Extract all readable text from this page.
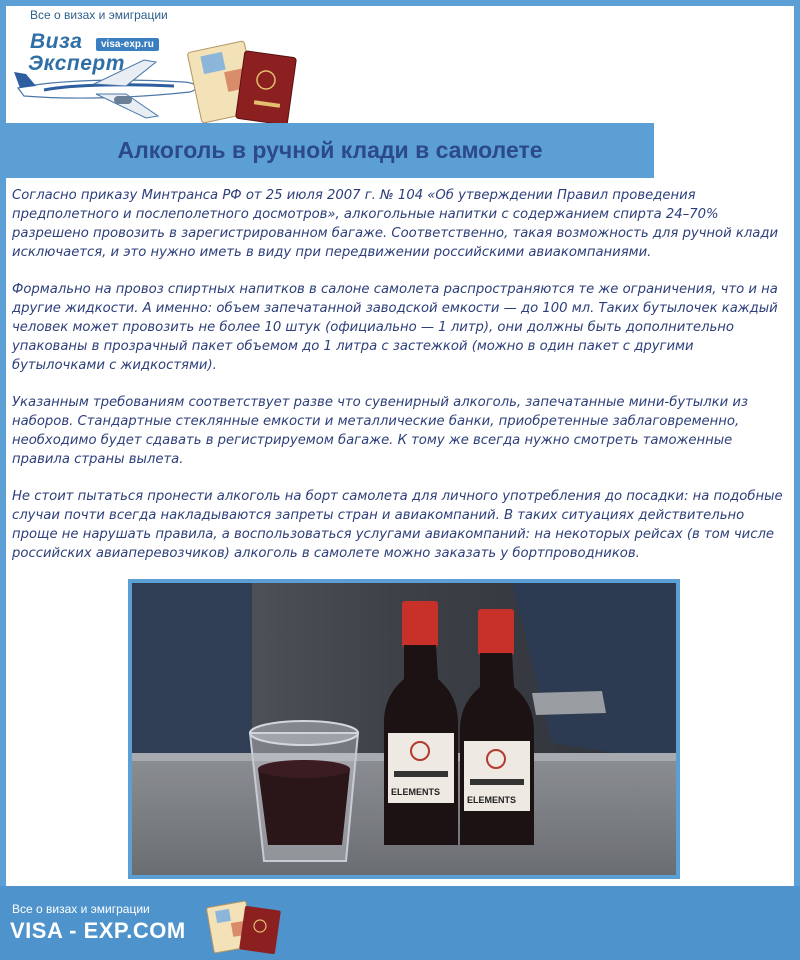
Все о визах и эмиграции
Виза
Эксперт
visa-exp.ru
Алкоголь в ручной клади в самолете

Согласно приказу Минтранса РФ от 25 июля 2007 г. № 104 «Об утверждении Правил проведения предполетного и послеполетного досмотров», алкогольные напитки с содержанием спирта 24–70% разрешено провозить в зарегистрированном багаже. Соответственно, такая возможность для ручной клади исключается, и это нужно иметь в виду при передвижении российскими авиакомпаниями.

Формально на провоз спиртных напитков в салоне самолета распространяются те же ограничения, что и на другие жидкости. А именно: объем запечатанной заводской емкости — до 100 мл. Таких бутылочек каждый человек может провозить не более 10 штук (официально — 1 литр), они должны быть дополнительно упакованы в прозрачный пакет объемом до 1 литра с застежкой (можно в один пакет с другими бутылочками с жидкостями).

Указанным требованиям соответствует разве что сувенирный алкоголь, запечатанные мини-бутылки из наборов. Стандартные стеклянные емкости и металлические банки, приобретенные заблаговременно, необходимо будет сдавать в регистрируемом багаже. К тому же всегда нужно смотреть таможенные правила страны вылета.

Не стоит пытаться пронести алкоголь на борт самолета для личного употребления до посадки: на подобные случаи почти всегда накладываются запреты стран и авиакомпаний. В таких ситуациях действительно проще не нарушать правила, а воспользоваться услугами авиакомпаний: на некоторых рейсах (в том числе российских авиаперевозчиков) алкоголь в самолете можно заказать у бортпроводников.

ELEMENTS
ELEMENTS
Все о визах и эмиграции
VISA - EXP.COM
